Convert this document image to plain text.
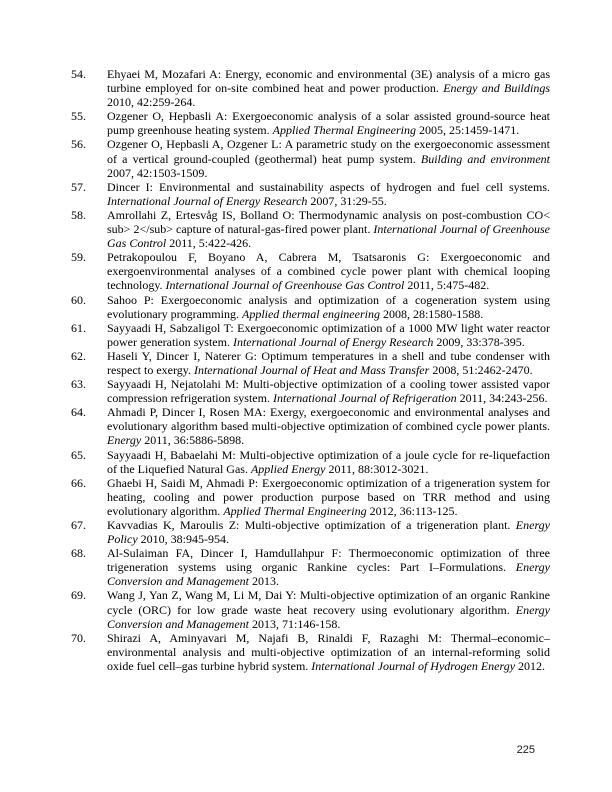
54. Ehyaei M, Mozafari A: Energy, economic and environmental (3E) analysis of a micro gas turbine employed for on-site combined heat and power production. Energy and Buildings 2010, 42:259-264.
55. Ozgener O, Hepbasli A: Exergoeconomic analysis of a solar assisted ground-source heat pump greenhouse heating system. Applied Thermal Engineering 2005, 25:1459-1471.
56. Ozgener O, Hepbasli A, Ozgener L: A parametric study on the exergoeconomic assessment of a vertical ground-coupled (geothermal) heat pump system. Building and environment 2007, 42:1503-1509.
57. Dincer I: Environmental and sustainability aspects of hydrogen and fuel cell systems. International Journal of Energy Research 2007, 31:29-55.
58. Amrollahi Z, Ertesvåg IS, Bolland O: Thermodynamic analysis on post-combustion CO< sub> 2</sub> capture of natural-gas-fired power plant. International Journal of Greenhouse Gas Control 2011, 5:422-426.
59. Petrakopoulou F, Boyano A, Cabrera M, Tsatsaronis G: Exergoeconomic and exergoenvironmental analyses of a combined cycle power plant with chemical looping technology. International Journal of Greenhouse Gas Control 2011, 5:475-482.
60. Sahoo P: Exergoeconomic analysis and optimization of a cogeneration system using evolutionary programming. Applied thermal engineering 2008, 28:1580-1588.
61. Sayyaadi H, Sabzaligol T: Exergoeconomic optimization of a 1000 MW light water reactor power generation system. International Journal of Energy Research 2009, 33:378-395.
62. Haseli Y, Dincer I, Naterer G: Optimum temperatures in a shell and tube condenser with respect to exergy. International Journal of Heat and Mass Transfer 2008, 51:2462-2470.
63. Sayyaadi H, Nejatolahi M: Multi-objective optimization of a cooling tower assisted vapor compression refrigeration system. International Journal of Refrigeration 2011, 34:243-256.
64. Ahmadi P, Dincer I, Rosen MA: Exergy, exergoeconomic and environmental analyses and evolutionary algorithm based multi-objective optimization of combined cycle power plants. Energy 2011, 36:5886-5898.
65. Sayyaadi H, Babaelahi M: Multi-objective optimization of a joule cycle for re-liquefaction of the Liquefied Natural Gas. Applied Energy 2011, 88:3012-3021.
66. Ghaebi H, Saidi M, Ahmadi P: Exergoeconomic optimization of a trigeneration system for heating, cooling and power production purpose based on TRR method and using evolutionary algorithm. Applied Thermal Engineering 2012, 36:113-125.
67. Kavvadias K, Maroulis Z: Multi-objective optimization of a trigeneration plant. Energy Policy 2010, 38:945-954.
68. Al-Sulaiman FA, Dincer I, Hamdullahpur F: Thermoeconomic optimization of three trigeneration systems using organic Rankine cycles: Part I–Formulations. Energy Conversion and Management 2013.
69. Wang J, Yan Z, Wang M, Li M, Dai Y: Multi-objective optimization of an organic Rankine cycle (ORC) for low grade waste heat recovery using evolutionary algorithm. Energy Conversion and Management 2013, 71:146-158.
70. Shirazi A, Aminyavari M, Najafi B, Rinaldi F, Razaghi M: Thermal–economic–environmental analysis and multi-objective optimization of an internal-reforming solid oxide fuel cell–gas turbine hybrid system. International Journal of Hydrogen Energy 2012.
225
